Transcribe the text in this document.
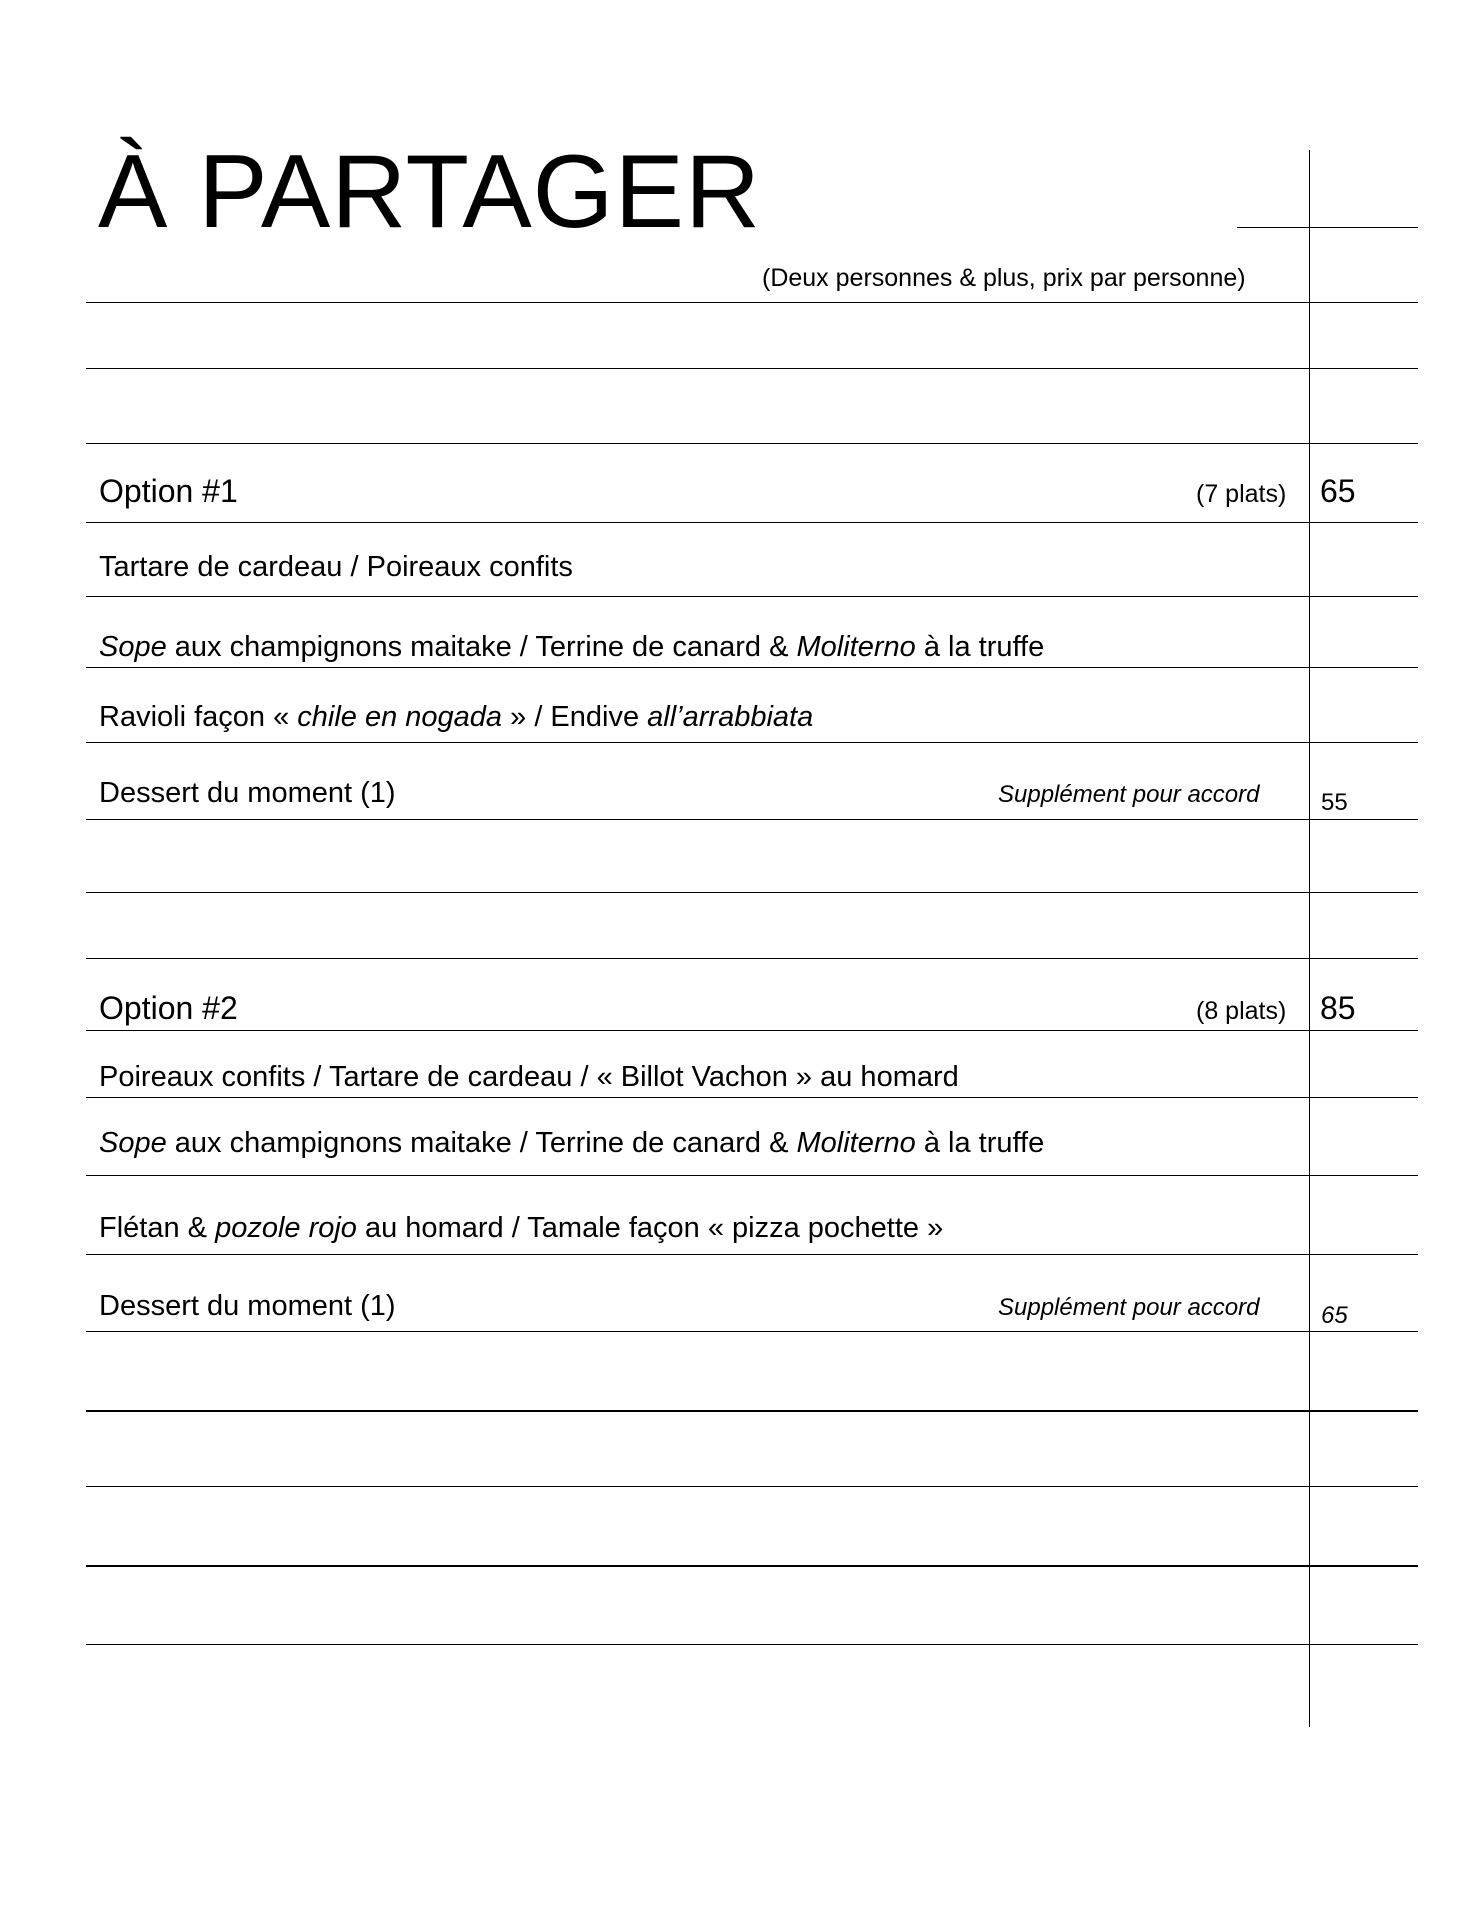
À PARTAGER
(Deux personnes & plus, prix par personne)
Option #1	(7 plats) 65
Tartare de cardeau / Poireaux confits
Sope aux champignons maitake / Terrine de canard & Moliterno à la truffe
Ravioli façon « chile en nogada » / Endive all’arrabbiata
Dessert du moment (1)	Supplément pour accord	55
Option #2	(8 plats) 85
Poireaux confits / Tartare de cardeau / « Billot Vachon » au homard
Sope aux champignons maitake / Terrine de canard & Moliterno à la truffe
Flétan & pozole rojo au homard / Tamale façon « pizza pochette »
Dessert du moment (1)	Supplément pour accord	65
